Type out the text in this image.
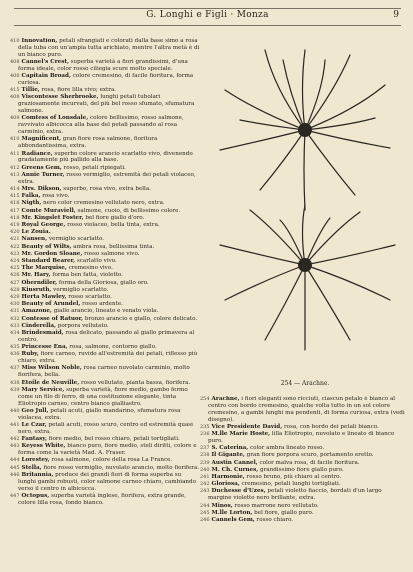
G. Longhi e Figli · Monza	9
410 Innovation, petali sfrangiati e colorati dalla base simo a rosa della tuba con un'ampia tutta arichiato, mentre l'altra metà è di un bianco puro.
408 Cannel's Crest, superba varietà a fiori grandissimi, d'una forma ideale, color rosso ciliegia scure molto speciale.
406 Capitain Broad, colore cremesino, di facile fioritura, forma curiosa.
415 Tillie, rosa, fiore lilla vivo; extra.
408 Viscontesse Sherbrooke, lunghi petali tubolari graziosamente incurvati, del più bel rosso sfumato, sfumatura salmone.
409 Comtess of Lonsdale, colore bellissimo, rosso salmone, ravvivato albicocca alla base del petali passando al rosa carminio, extra.
410 Magnificent, gran fiore rosa salmone, fioritura abbondantissima, extra.
411 Radiance, superbo colore arancio scarlatto vivo, divenendo gradatamente più pallido alla base.
412 Greens Gem, rosso, petali ripiegati.
413 Annie Turner, rosso vermiglio, estremità dei petali violaceo, extra.
414 Mrs. Dikson, superbo, rosa vivo, extra bella.
415 Falka, rosa vivo.
416 Nigth, nero color cremesino vellutato nero, extra.
417 Comte Muraviell, salmone, cuoio, di bellissimo colore.
418 Mr. Kingslet Foster, bel fiore giallo d'oro.
419 Royal George, rosso violaceo, bella tinta, extra.
420 Le Zouia.
421 Nansen, vermiglio scarlatto.
422 Beauty of Wilts, ambra rosa, bellissima tinta.
423 Mr. Gordon Sloane, rosso salmone vivo.
424 Standard Bearer, scarlatto vivo.
425 The Marquise, cremesino vivo.
426 Mr. Hary, forma ben fatta, violetto.
427 Oberndiler, forma della Gloriosa, giallo oro.
428 Kinsruth, vermiglio scarlatto.
429 Herta Mawley, rosso scarlatto.
430 Beauty of Arundel, rosso ardente.
431 Amazone, giallo arancio, lineato e venato viola.
432 Contesse of Ratuor, bronzo arancio e giallo, colore delicato.
433 Cinderella, porpora vellutato.
434 Brindesmaid, rosa delicato, passando al giallo primavera al centro.
435 Princesse Ena, rosa, salmone, contorno giallo.
436 Ruby, fiore carneo, ruvido all'estremità dei petali, riflesso più chiaro, extra.
437 Miss Wilson Noble, rosa carneo nuvolato carminio, molto fiorifera, bella.
438 Etoile de Neuville, rosso vellutato, pianta bassa, fiorifera.
439 Mary Service, superba varietà, fiore medio, gambo fermo come un filo di ferro, di una costituzione elegante, tinta Eliotropio carneo, centro bianco gialliastro.
440 Geo Jull, petali acuti, giallo mandarino, sfumatura rosa violacea, extra.
441 Le Czar, petali acuti, rosso scuro, centro ed estremità quasi nero, extra.
442 Fantasy, fiore medio, bel rosso chiaro, petali tortigliati.
443 Keyess White, bianco puro, fiore medio, steli diritti, colore e forma come la varietà Mad. A. Fraser.
444 Lorestey, rosa salmone, colore della rosa La France.
445 Stella, fiore rosso vermiglio, nuvolato arancio, molto fiorifera.
446 Britannia, produce dei grandi fiori di forma superba su lunghi gambi robusti, color salmone carneo chiaro, cambiando verso il centro in albicocca.
447 Octopus, superba varietà inglese, fiorifera, extra grande, colore lilla rosa, fondo bianco.
254 — Arachne.
254 Arachne, i fiori eleganti sono ricciuti, ciascun petalo è bianco al centro con bordo cremesino, qualche volta tutto in un sol colore cremesino, a gambi lunghi ma pendenti, di forma curiosa, extra (vedi disegno).
235 Vice Presidente David, rosa, con bordo dei petali bianco.
236 M.lle Marie Hoste, lilla Eliotropio, nuvolato e lineato di bianco puro.
237 S. Caterina, color ambra lineato rosso.
238 Il Gigante, gran fiore porpora scuro, portamento eretto.
239 Austin Cannel, color malva rosa, di facile fioritura.
240 M. Ch. Curnes, grandissimo fiore giallo puro.
241 Harmonie, rosso bruno, più chiaro al centro.
242 Gloriosa, cremesino, petali lunghi tortigliati.
243 Duchesse d'Uzes, petali violetto fiaccio, bordati d'un largo margine violetto nero brillante, extra.
244 Minos, rosso marrone nero vellutato.
245 M.lle Lorton, bel fiore, giallo puro.
246 Cannels Gem, rosso chiaro.
